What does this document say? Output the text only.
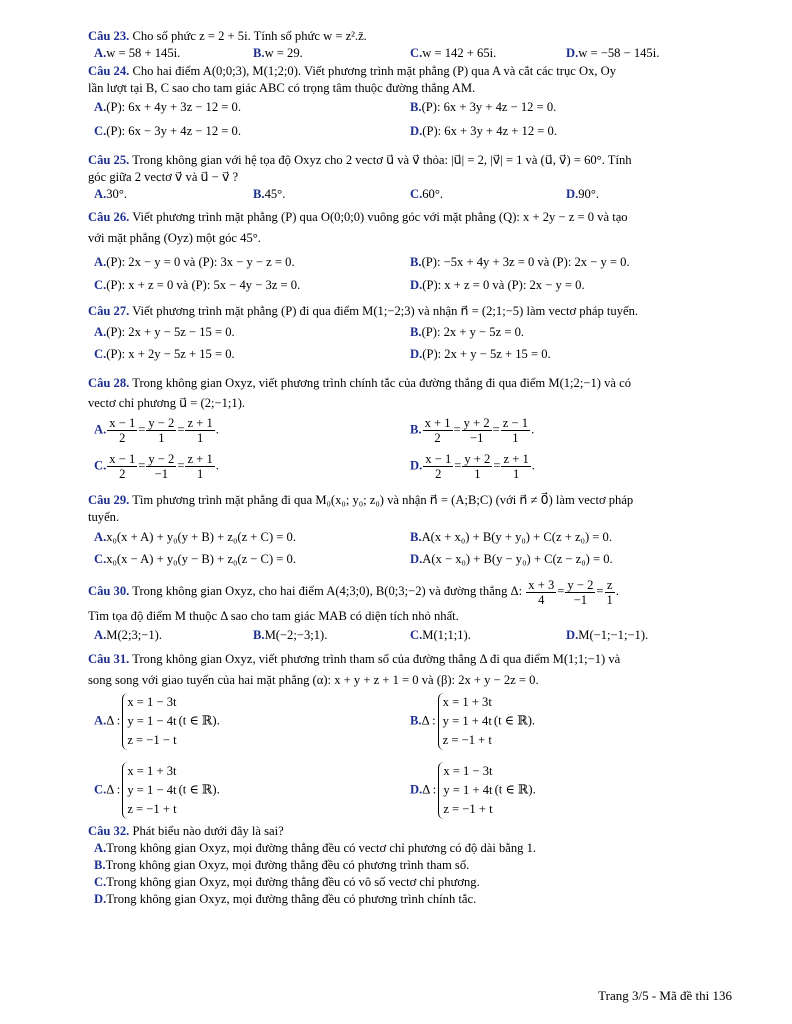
Câu 23. Cho số phức z = 2 + 5i. Tính số phức w = z².z̄.
A.w = 58 + 145i.	B.w = 29.	C.w = 142 + 65i.	D.w = −58 − 145i.
Câu 24. Cho hai điểm A(0;0;3), M(1;2;0). Viết phương trình mặt phẳng (P) qua A và cắt các trục Ox, Oy
lần lượt tại B, C sao cho tam giác ABC có trọng tâm thuộc đường thẳng AM.
A.(P): 6x + 4y + 3z − 12 = 0.	B.(P): 6x + 3y + 4z − 12 = 0.
C.(P): 6x − 3y + 4z − 12 = 0.	D.(P): 6x + 3y + 4z + 12 = 0.
Câu 25. Trong không gian với hệ tọa độ Oxyz cho 2 vectơ u⃗ và v⃗ thỏa: |u⃗| = 2, |v⃗| = 1 và (u⃗, v⃗) = 60°. Tính
góc giữa 2 vectơ v⃗ và u⃗ − v⃗ ?
A.30°.	B.45°.	C.60°.	D.90°.
Câu 26. Viết phương trình mặt phẳng (P) qua O(0;0;0) vuông góc với mặt phẳng (Q): x + 2y − z = 0 và tạo
với mặt phẳng (Oyz) một góc 45°.
A.(P): 2x − y = 0 và (P): 3x − y − z = 0.	B.(P): −5x + 4y + 3z = 0 và (P): 2x − y = 0.
C.(P): x + z = 0 và (P): 5x − 4y − 3z = 0.	D.(P): x + z = 0 và (P): 2x − y = 0.
Câu 27. Viết phương trình mặt phẳng (P) đi qua điểm M(1;−2;3) và nhận n⃗ = (2;1;−5) làm vectơ pháp tuyến.
A.(P): 2x + y − 5z − 15 = 0.	B.(P): 2x + y − 5z = 0.
C.(P): x + 2y − 5z + 15 = 0.	D.(P): 2x + y − 5z + 15 = 0.
Câu 28. Trong không gian Oxyz, viết phương trình chính tắc của đường thẳng đi qua điểm M(1;2;−1) và có
vectơ chỉ phương u⃗ = (2;−1;1).
A. $\frac{x - 1}{2} = \frac{y - 2}{1} = \frac{z + 1}{1}$ .	B. $\frac{x + 1}{2} = \frac{y + 2}{-1} = \frac{z - 1}{1}$ .
C. $\frac{x - 1}{2} = \frac{y - 2}{-1} = \frac{z + 1}{1}$ .	D. $\frac{x - 1}{2} = \frac{y + 2}{1} = \frac{z + 1}{1}$ .
Câu 29. Tìm phương trình mặt phẳng đi qua M₀(x₀; y₀; z₀) và nhận n⃗ = (A;B;C) (với n⃗ ≠ 0⃗) làm vectơ pháp
tuyến.
A.x₀(x + A) + y₀(y + B) + z₀(z + C) = 0.	B.A(x + x₀) + B(y + y₀) + C(z + z₀) = 0.
C.x₀(x − A) + y₀(y − B) + z₀(z − C) = 0.	D.A(x − x₀) + B(y − y₀) + C(z − z₀) = 0.
Câu 30. Trong không gian Oxyz, cho hai điểm A(4;3;0), B(0;3;−2) và đường thẳng Δ: $\frac{x + 3}{4} = \frac{y - 2}{-1} = \frac{z}{1}$ .
Tìm tọa độ điểm M thuộc Δ sao cho tam giác MAB có diện tích nhỏ nhất.
A.M(2;3;−1).	B.M(−2;−3;1).	C.M(1;1;1).	D.M(−1;−1;−1).
Câu 31. Trong không gian Oxyz, viết phương trình tham số của đường thẳng Δ đi qua điểm M(1;1;−1) và
song song với giao tuyến của hai mặt phẳng (α): x + y + z + 1 = 0 và (β): 2x + y − 2z = 0.
A.Δ :
x = 1 − 3t
y = 1 − 4t
z = −1 − t
(t ∈ ℝ).	B.Δ :
x = 1 + 3t
y = 1 + 4t
z = −1 + t
(t ∈ ℝ).
C.Δ :
x = 1 + 3t
y = 1 − 4t
z = −1 + t
(t ∈ ℝ).	D.Δ :
x = 1 − 3t
y = 1 + 4t
z = −1 + t
(t ∈ ℝ).
Câu 32. Phát biểu nào dưới đây là sai?
A.Trong không gian Oxyz, mọi đường thẳng đều có vectơ chỉ phương có độ dài bằng 1.
B.Trong không gian Oxyz, mọi đường thẳng đều có phương trình tham số.
C.Trong không gian Oxyz, mọi đường thẳng đều có vô số vectơ chỉ phương.
D.Trong không gian Oxyz, mọi đường thẳng đều có phương trình chính tắc.
Trang 3/5 - Mã đề thi 136
